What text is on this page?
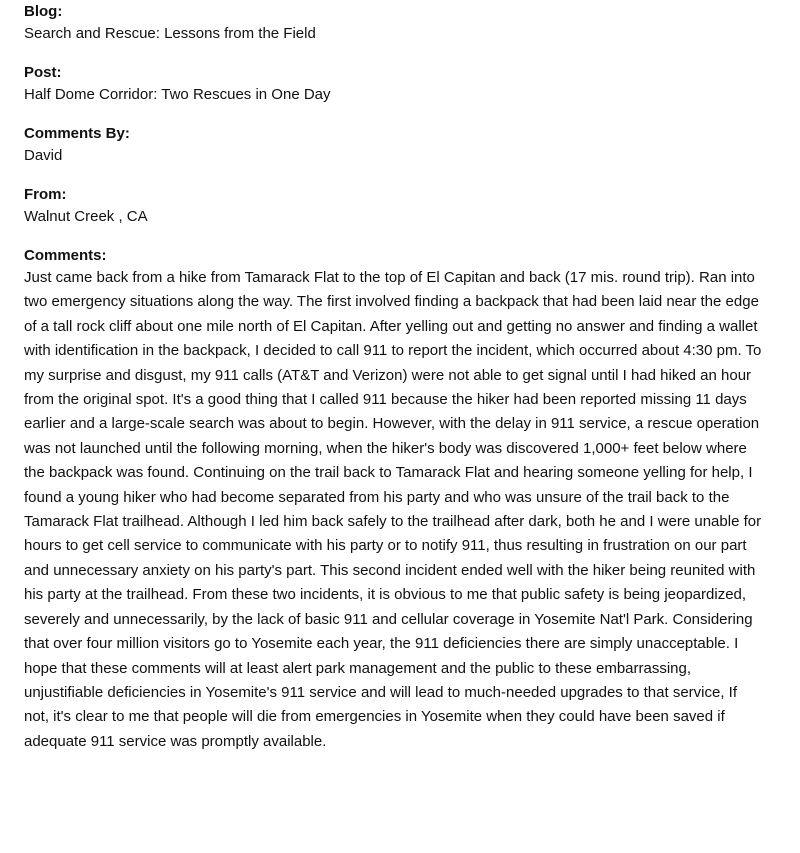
Blog:

Search and Rescue: Lessons from the Field

Post:

Half Dome Corridor: Two Rescues in One Day

Comments By:

David

From:

Walnut Creek , CA

Comments:

Just came back from a hike from Tamarack Flat to the top of El Capitan and back (17 mis. round trip). Ran into two emergency situations along the way. The first involved finding a backpack that had been laid near the edge of a tall rock cliff about one mile north of El Capitan. After yelling out and getting no answer and finding a wallet with identification in the backpack, I decided to call 911 to report the incident, which occurred about 4:30 pm. To my surprise and disgust, my 911 calls (AT&T and Verizon) were not able to get signal until I had hiked an hour from the original spot. It's a good thing that I called 911 because the hiker had been reported missing 11 days earlier and a large-scale search was about to begin. However, with the delay in 911 service, a rescue operation was not launched until the following morning, when the hiker's body was discovered 1,000+ feet below where the backpack was found. Continuing on the trail back to Tamarack Flat and hearing someone yelling for help, I found a young hiker who had become separated from his party and who was unsure of the trail back to the Tamarack Flat trailhead. Although I led him back safely to the trailhead after dark, both he and I were unable for hours to get cell service to communicate with his party or to notify 911, thus resulting in frustration on our part and unnecessary anxiety on his party's part. This second incident ended well with the hiker being reunited with his party at the trailhead. From these two incidents, it is obvious to me that public safety is being jeopardized, severely and unnecessarily, by the lack of basic 911 and cellular coverage in Yosemite Nat'l Park. Considering that over four million visitors go to Yosemite each year, the 911 deficiencies there are simply unacceptable. I hope that these comments will at least alert park management and the public to these embarrassing, unjustifiable deficiencies in Yosemite's 911 service and will lead to much-needed upgrades to that service, If not, it's clear to me that people will die from emergencies in Yosemite when they could have been saved if adequate 911 service was promptly available.
